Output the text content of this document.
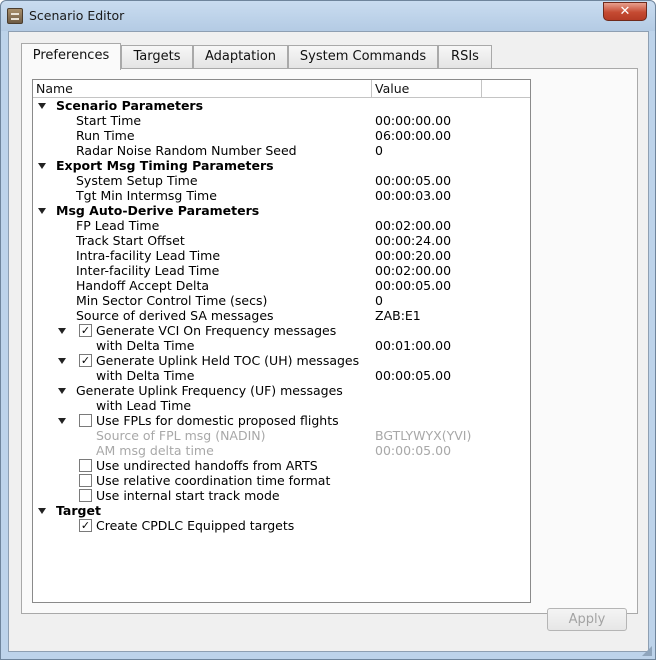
Scenario Editor	✕
Preferences	Targets	Adaptation	System Commands	RSIs
Name	Value
Scenario Parameters
Start Time	00:00:00.00
Run Time	06:00:00.00
Radar Noise Random Number Seed	0
Export Msg Timing Parameters
System Setup Time	00:00:05.00
Tgt Min Intermsg Time	00:00:03.00
Msg Auto-Derive Parameters
FP Lead Time	00:02:00.00
Track Start Offset	00:00:24.00
Intra-facility Lead Time	00:00:20.00
Inter-facility Lead Time	00:02:00.00
Handoff Accept Delta	00:00:05.00
Min Sector Control Time (secs)	0
Source of derived SA messages	ZAB:E1
✓ Generate VCI On Frequency messages
with Delta Time	00:01:00.00
✓ Generate Uplink Held TOC (UH) messages
with Delta Time	00:00:05.00
Generate Uplink Frequency (UF) messages
with Lead Time
Use FPLs for domestic proposed flights
Source of FPL msg (NADIN)	BGTLYWYX(YVI)
AM msg delta time	00:00:05.00
Use undirected handoffs from ARTS
Use relative coordination time format
Use internal start track mode
Target
✓ Create CPDLC Equipped targets
Apply
